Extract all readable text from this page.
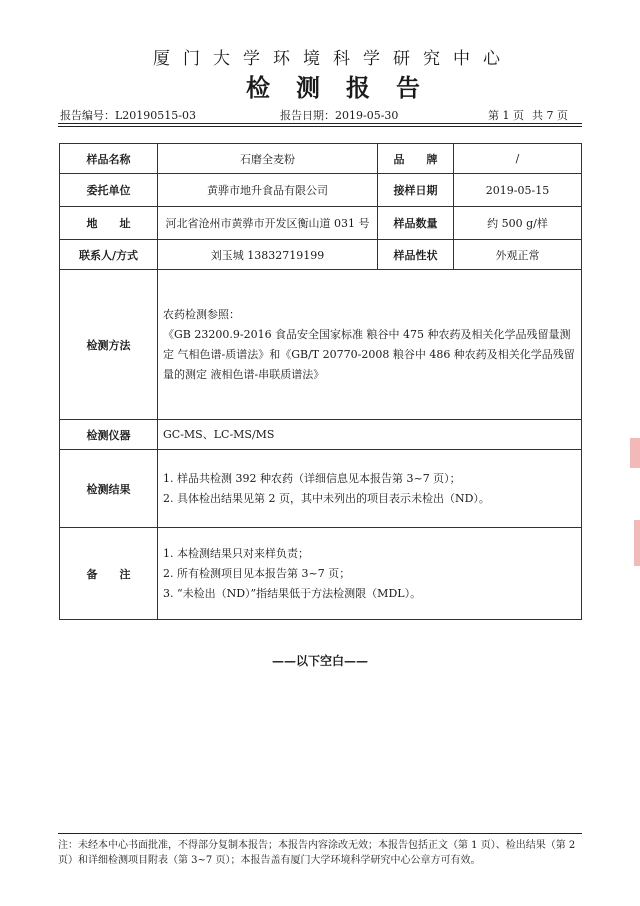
厦门大学环境科学研究中心
检测报告
报告编号：L20190515-03	报告日期：2019-05-30	第 1 页 共 7 页
样品名称	石磨全麦粉	品　　牌	/
委托单位	黄骅市地升食品有限公司	接样日期	2019-05-15
地　　址	河北省沧州市黄骅市开发区衡山道 031 号	样品数量	约 500 g/样
联系人/方式	刘玉城 13832719199	样品性状	外观正常
检测方法	农药检测参照：
《GB 23200.9-2016 食品安全国家标准 粮谷中 475 种农药及相关化学品残留量测定 气相色谱-质谱法》和《GB/T 20770-2008 粮谷中 486 种农药及相关化学品残留量的测定 液相色谱-串联质谱法》		

检测仪器	GC-MS、LC-MS/MS		
检测结果	1. 样品共检测 392 种农药（详细信息见本报告第 3~7 页）；
2. 具体检出结果见第 2 页，其中未列出的项目表示未检出（ND）。		

备　　注	1. 本检测结果只对来样负责；
2. 所有检测项目见本报告第 3~7 页；
3. “未检出（ND）”指结果低于方法检测限（MDL）。		
——以下空白——
注：未经本中心书面批准，不得部分复制本报告；本报告内容涂改无效；本报告包括正文（第 1 页）、检出结果（第 2 页）和详细检测项目附表（第 3~7 页）；本报告盖有厦门大学环境科学研究中心公章方可有效。
